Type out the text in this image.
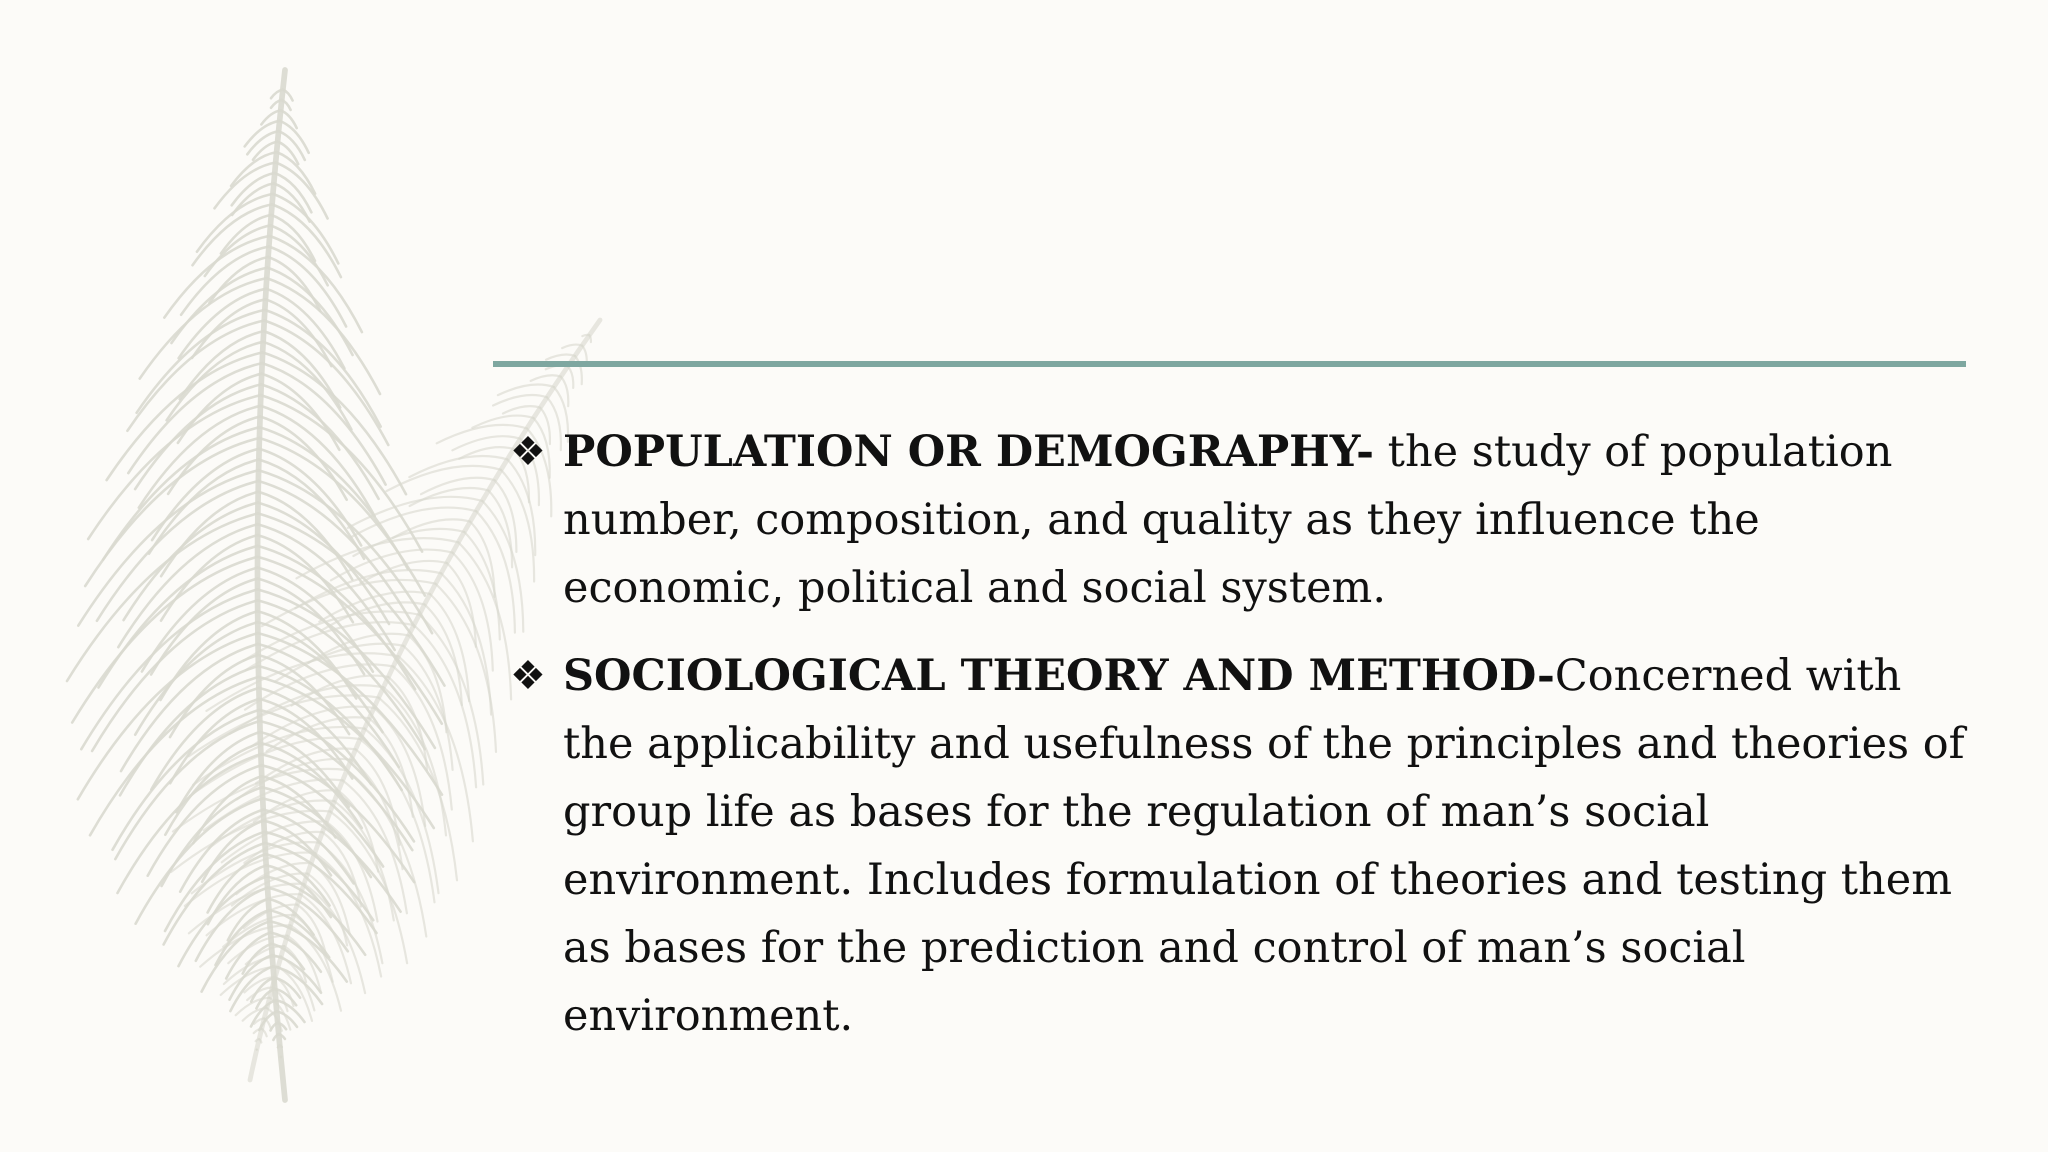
❖ POPULATION OR DEMOGRAPHY- the study of population number, composition, and quality as they influence the economic, political and social system.
❖ SOCIOLOGICAL THEORY AND METHOD-Concerned with the applicability and usefulness of the principles and theories of group life as bases for the regulation of man’s social environment. Includes formulation of theories and testing them as bases for the prediction and control of man’s social environment.
